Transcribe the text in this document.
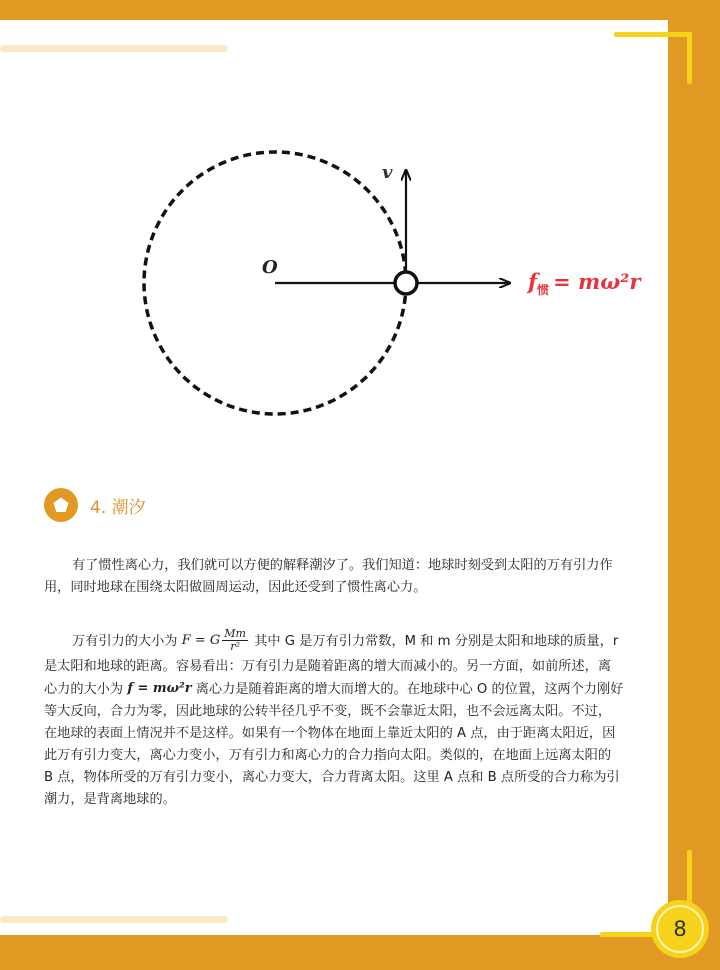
O
v
$f_惯 = m\omega^2r$
4. 潮汐
有了惯性离心力，我们就可以方便的解释潮汐了。我们知道：地球时刻受到太阳的万有引力作
用，同时地球在围绕太阳做圆周运动，因此还受到了惯性离心力。
万有引力的大小为 F = G $\frac{Mm}{\text{r²}}$ 其中 G 是万有引力常数，M 和 m 分别是太阳和地球的质量，r
是太阳和地球的距离。容易看出：万有引力是随着距离的增大而减小的。另一方面，如前所述，离
心力的大小为 f = mω²r 离心力是随着距离的增大而增大的。在地球中心 O 的位置，这两个力刚好
等大反向，合力为零，因此地球的公转半径几乎不变，既不会靠近太阳，也不会远离太阳。不过，
在地球的表面上情况并不是这样。如果有一个物体在地面上靠近太阳的 A 点，由于距离太阳近，因
此万有引力变大，离心力变小，万有引力和离心力的合力指向太阳。类似的，在地面上远离太阳的
B 点，物体所受的万有引力变小，离心力变大，合力背离太阳。这里 A 点和 B 点所受的合力称为引
潮力，是背离地球的。
8
